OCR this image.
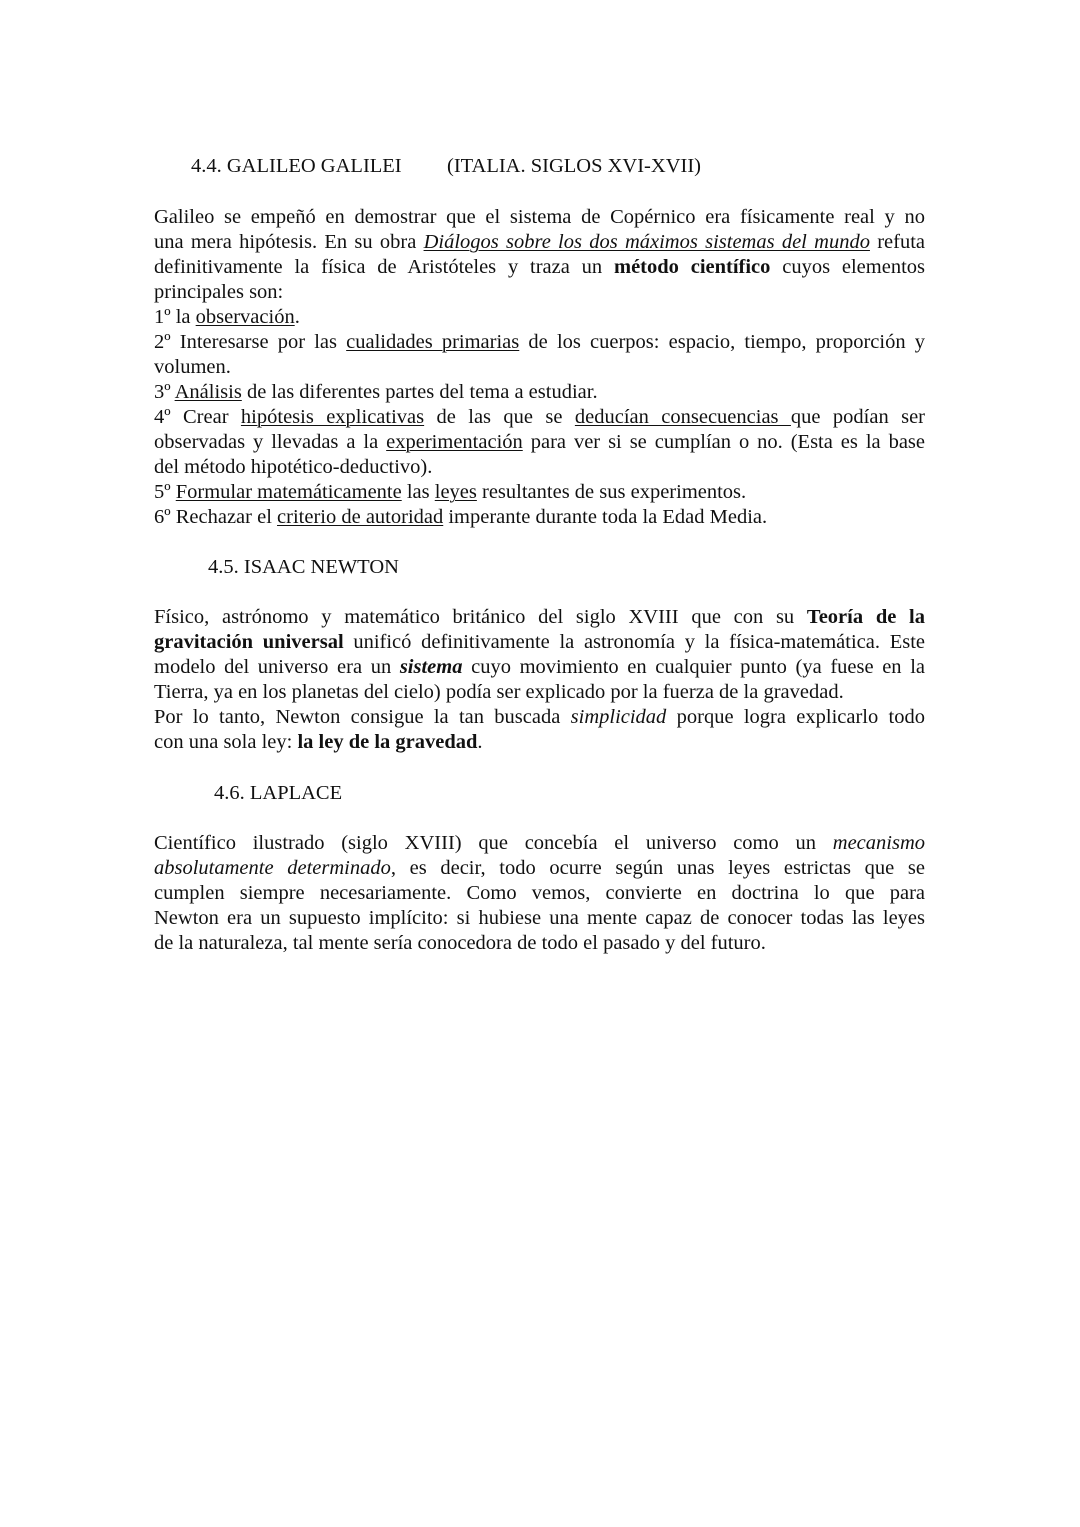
4.4. GALILEO GALILEI (ITALIA. SIGLOS XVI-XVII)
Galileo se empeñó en demostrar que el sistema de Copérnico era físicamente real y no
una mera hipótesis. En su obra Diálogos sobre los dos máximos sistemas del mundo refuta
definitivamente la física de Aristóteles y traza un método científico cuyos elementos
principales son:
1º la observación.
2º Interesarse por las cualidades primarias de los cuerpos: espacio, tiempo, proporción y
volumen.
3º Análisis de las diferentes partes del tema a estudiar.
4º Crear hipótesis explicativas de las que se deducían consecuencias que podían ser
observadas y llevadas a la experimentación para ver si se cumplían o no. (Esta es la base
del método hipotético-deductivo).
5º Formular matemáticamente las leyes resultantes de sus experimentos.
6º Rechazar el criterio de autoridad imperante durante toda la Edad Media.
4.5. ISAAC NEWTON
Físico, astrónomo y matemático británico del siglo XVIII que con su Teoría de la
gravitación universal unificó definitivamente la astronomía y la física-matemática. Este
modelo del universo era un sistema cuyo movimiento en cualquier punto (ya fuese en la
Tierra, ya en los planetas del cielo) podía ser explicado por la fuerza de la gravedad.
Por lo tanto, Newton consigue la tan buscada simplicidad porque logra explicarlo todo
con una sola ley: la ley de la gravedad.
4.6. LAPLACE
Científico ilustrado (siglo XVIII) que concebía el universo como un mecanismo
absolutamente determinado, es decir, todo ocurre según unas leyes estrictas que se
cumplen siempre necesariamente. Como vemos, convierte en doctrina lo que para
Newton era un supuesto implícito: si hubiese una mente capaz de conocer todas las leyes
de la naturaleza, tal mente sería conocedora de todo el pasado y del futuro.
